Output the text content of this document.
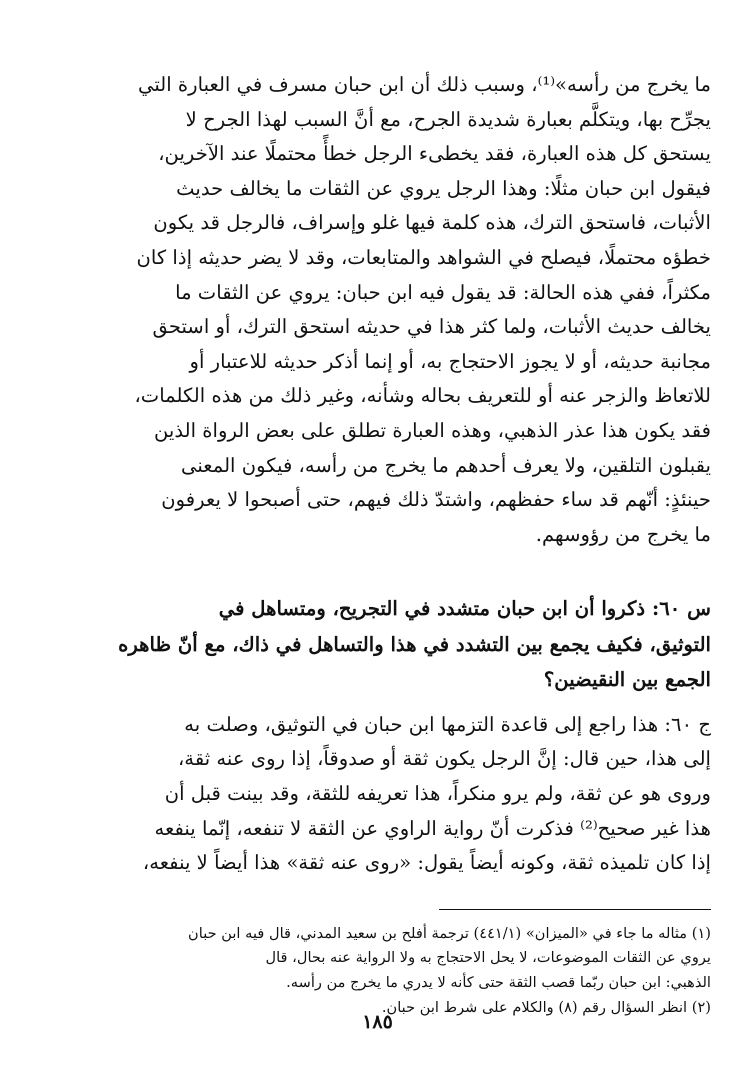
ما يخرج من رأسه»⁽¹⁾، وسبب ذلك أن ابن حبان مسرف في العبارة التي

يجرِّح بها، ويتكلَّم بعبارة شديدة الجرح، مع أنَّ السبب لهذا الجرح لا

يستحق كل هذه العبارة، فقد يخطىء الرجل خطأً محتملًا عند الآخرين،

فيقول ابن حبان مثلًا: وهذا الرجل يروي عن الثقات ما يخالف حديث

الأثبات، فاستحق الترك، هذه كلمة فيها غلو وإسراف، فالرجل قد يكون

خطؤه محتملًا، فيصلح في الشواهد والمتابعات، وقد لا يضر حديثه إذا كان

مكثراً، ففي هذه الحالة: قد يقول فيه ابن حبان: يروي عن الثقات ما

يخالف حديث الأثبات، ولما كثر هذا في حديثه استحق الترك، أو استحق

مجانبة حديثه، أو لا يجوز الاحتجاج به، أو إنما أذكر حديثه للاعتبار أو

للاتعاظ والزجر عنه أو للتعريف بحاله وشأنه، وغير ذلك من هذه الكلمات،

فقد يكون هذا عذر الذهبي، وهذه العبارة تطلق على بعض الرواة الذين

يقبلون التلقين، ولا يعرف أحدهم ما يخرج من رأسه، فيكون المعنى

حينئذٍ: أنّهم قد ساء حفظهم، واشتدّ ذلك فيهم، حتى أصبحوا لا يعرفون

ما يخرج من رؤوسهم.

س ٦٠: ذكروا أن ابن حبان متشدد في التجريح، ومتساهل في

التوثيق، فكيف يجمع بين التشدد في هذا والتساهل في ذاك، مع أنّ ظاهره

الجمع بين النقيضين؟

ج ٦٠: هذا راجع إلى قاعدة التزمها ابن حبان في التوثيق، وصلت به

إلى هذا، حين قال: إنَّ الرجل يكون ثقة أو صدوقاً، إذا روى عنه ثقة،

وروى هو عن ثقة، ولم يرو منكراً، هذا تعريفه للثقة، وقد بينت قبل أن

هذا غير صحيح⁽²⁾ فذكرت أنّ رواية الراوي عن الثقة لا تنفعه، إنّما ينفعه

إذا كان تلميذه ثقة، وكونه أيضاً يقول: «روى عنه ثقة» هذا أيضاً لا ينفعه،

(١) مثاله ما جاء في «الميزان» (٤٤١/١) ترجمة أفلح بن سعيد المدني، قال فيه ابن حبان

يروي عن الثقات الموضوعات، لا يحل الاحتجاج به ولا الرواية عنه بحال، قال

الذهبي: ابن حبان ربّما قصب الثقة حتى كأنه لا يدري ما يخرج من رأسه.

(٢) انظر السؤال رقم (٨) والكلام على شرط ابن حبان.

١٨٥
